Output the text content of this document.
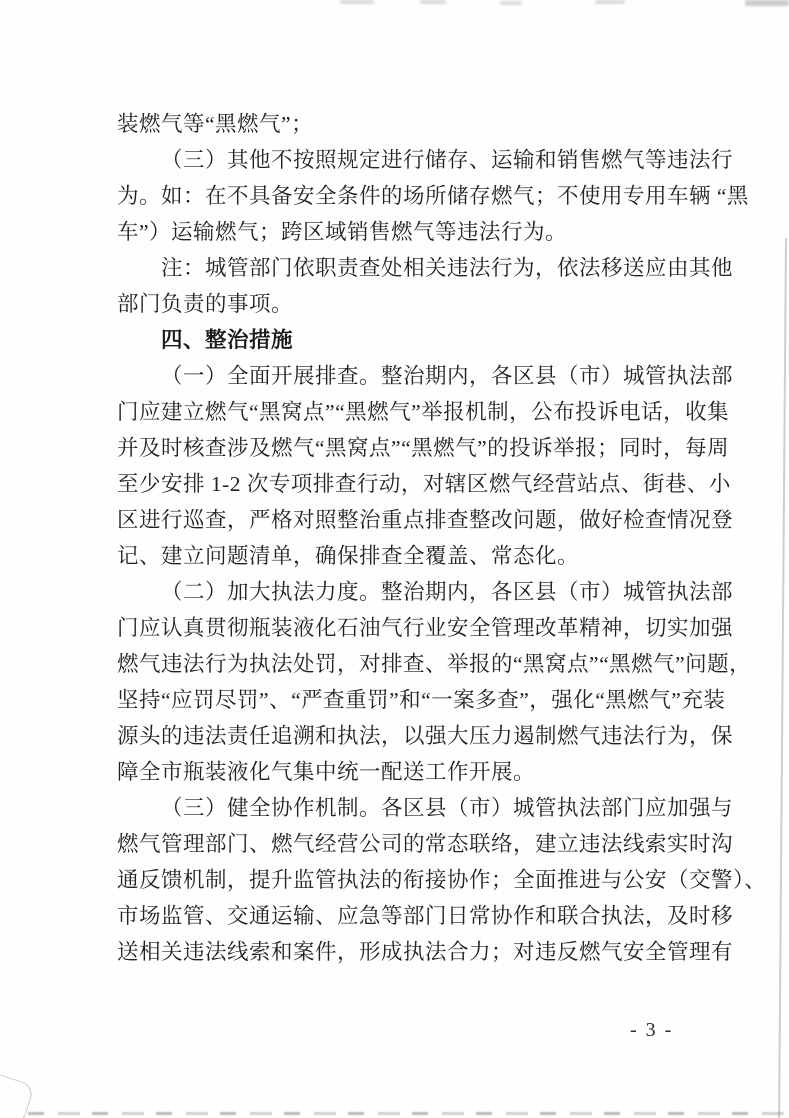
装燃气等“黑燃气”；
（三）其他不按照规定进行储存、运输和销售燃气等违法行
为。如：在不具备安全条件的场所储存燃气；不使用专用车辆 “黑
车”）运输燃气；跨区域销售燃气等违法行为。
注：城管部门依职责查处相关违法行为，依法移送应由其他
部门负责的事项。
四、整治措施
（一）全面开展排查。整治期内，各区县（市）城管执法部
门应建立燃气“黑窝点”“黑燃气”举报机制，公布投诉电话，收集
并及时核查涉及燃气“黑窝点”“黑燃气”的投诉举报；同时，每周
至少安排 1-2 次专项排查行动，对辖区燃气经营站点、街巷、小
区进行巡查，严格对照整治重点排查整改问题，做好检查情况登
记、建立问题清单，确保排查全覆盖、常态化。
（二）加大执法力度。整治期内，各区县（市）城管执法部
门应认真贯彻瓶装液化石油气行业安全管理改革精神，切实加强
燃气违法行为执法处罚，对排查、举报的“黑窝点”“黑燃气”问题，
坚持“应罚尽罚”、“严查重罚”和“一案多查”，强化“黑燃气”充装
源头的违法责任追溯和执法，以强大压力遏制燃气违法行为，保
障全市瓶装液化气集中统一配送工作开展。
（三）健全协作机制。各区县（市）城管执法部门应加强与
燃气管理部门、燃气经营公司的常态联络，建立违法线索实时沟
通反馈机制，提升监管执法的衔接协作；全面推进与公安（交警）、
市场监管、交通运输、应急等部门日常协作和联合执法，及时移
送相关违法线索和案件，形成执法合力；对违反燃气安全管理有
- 3 -
